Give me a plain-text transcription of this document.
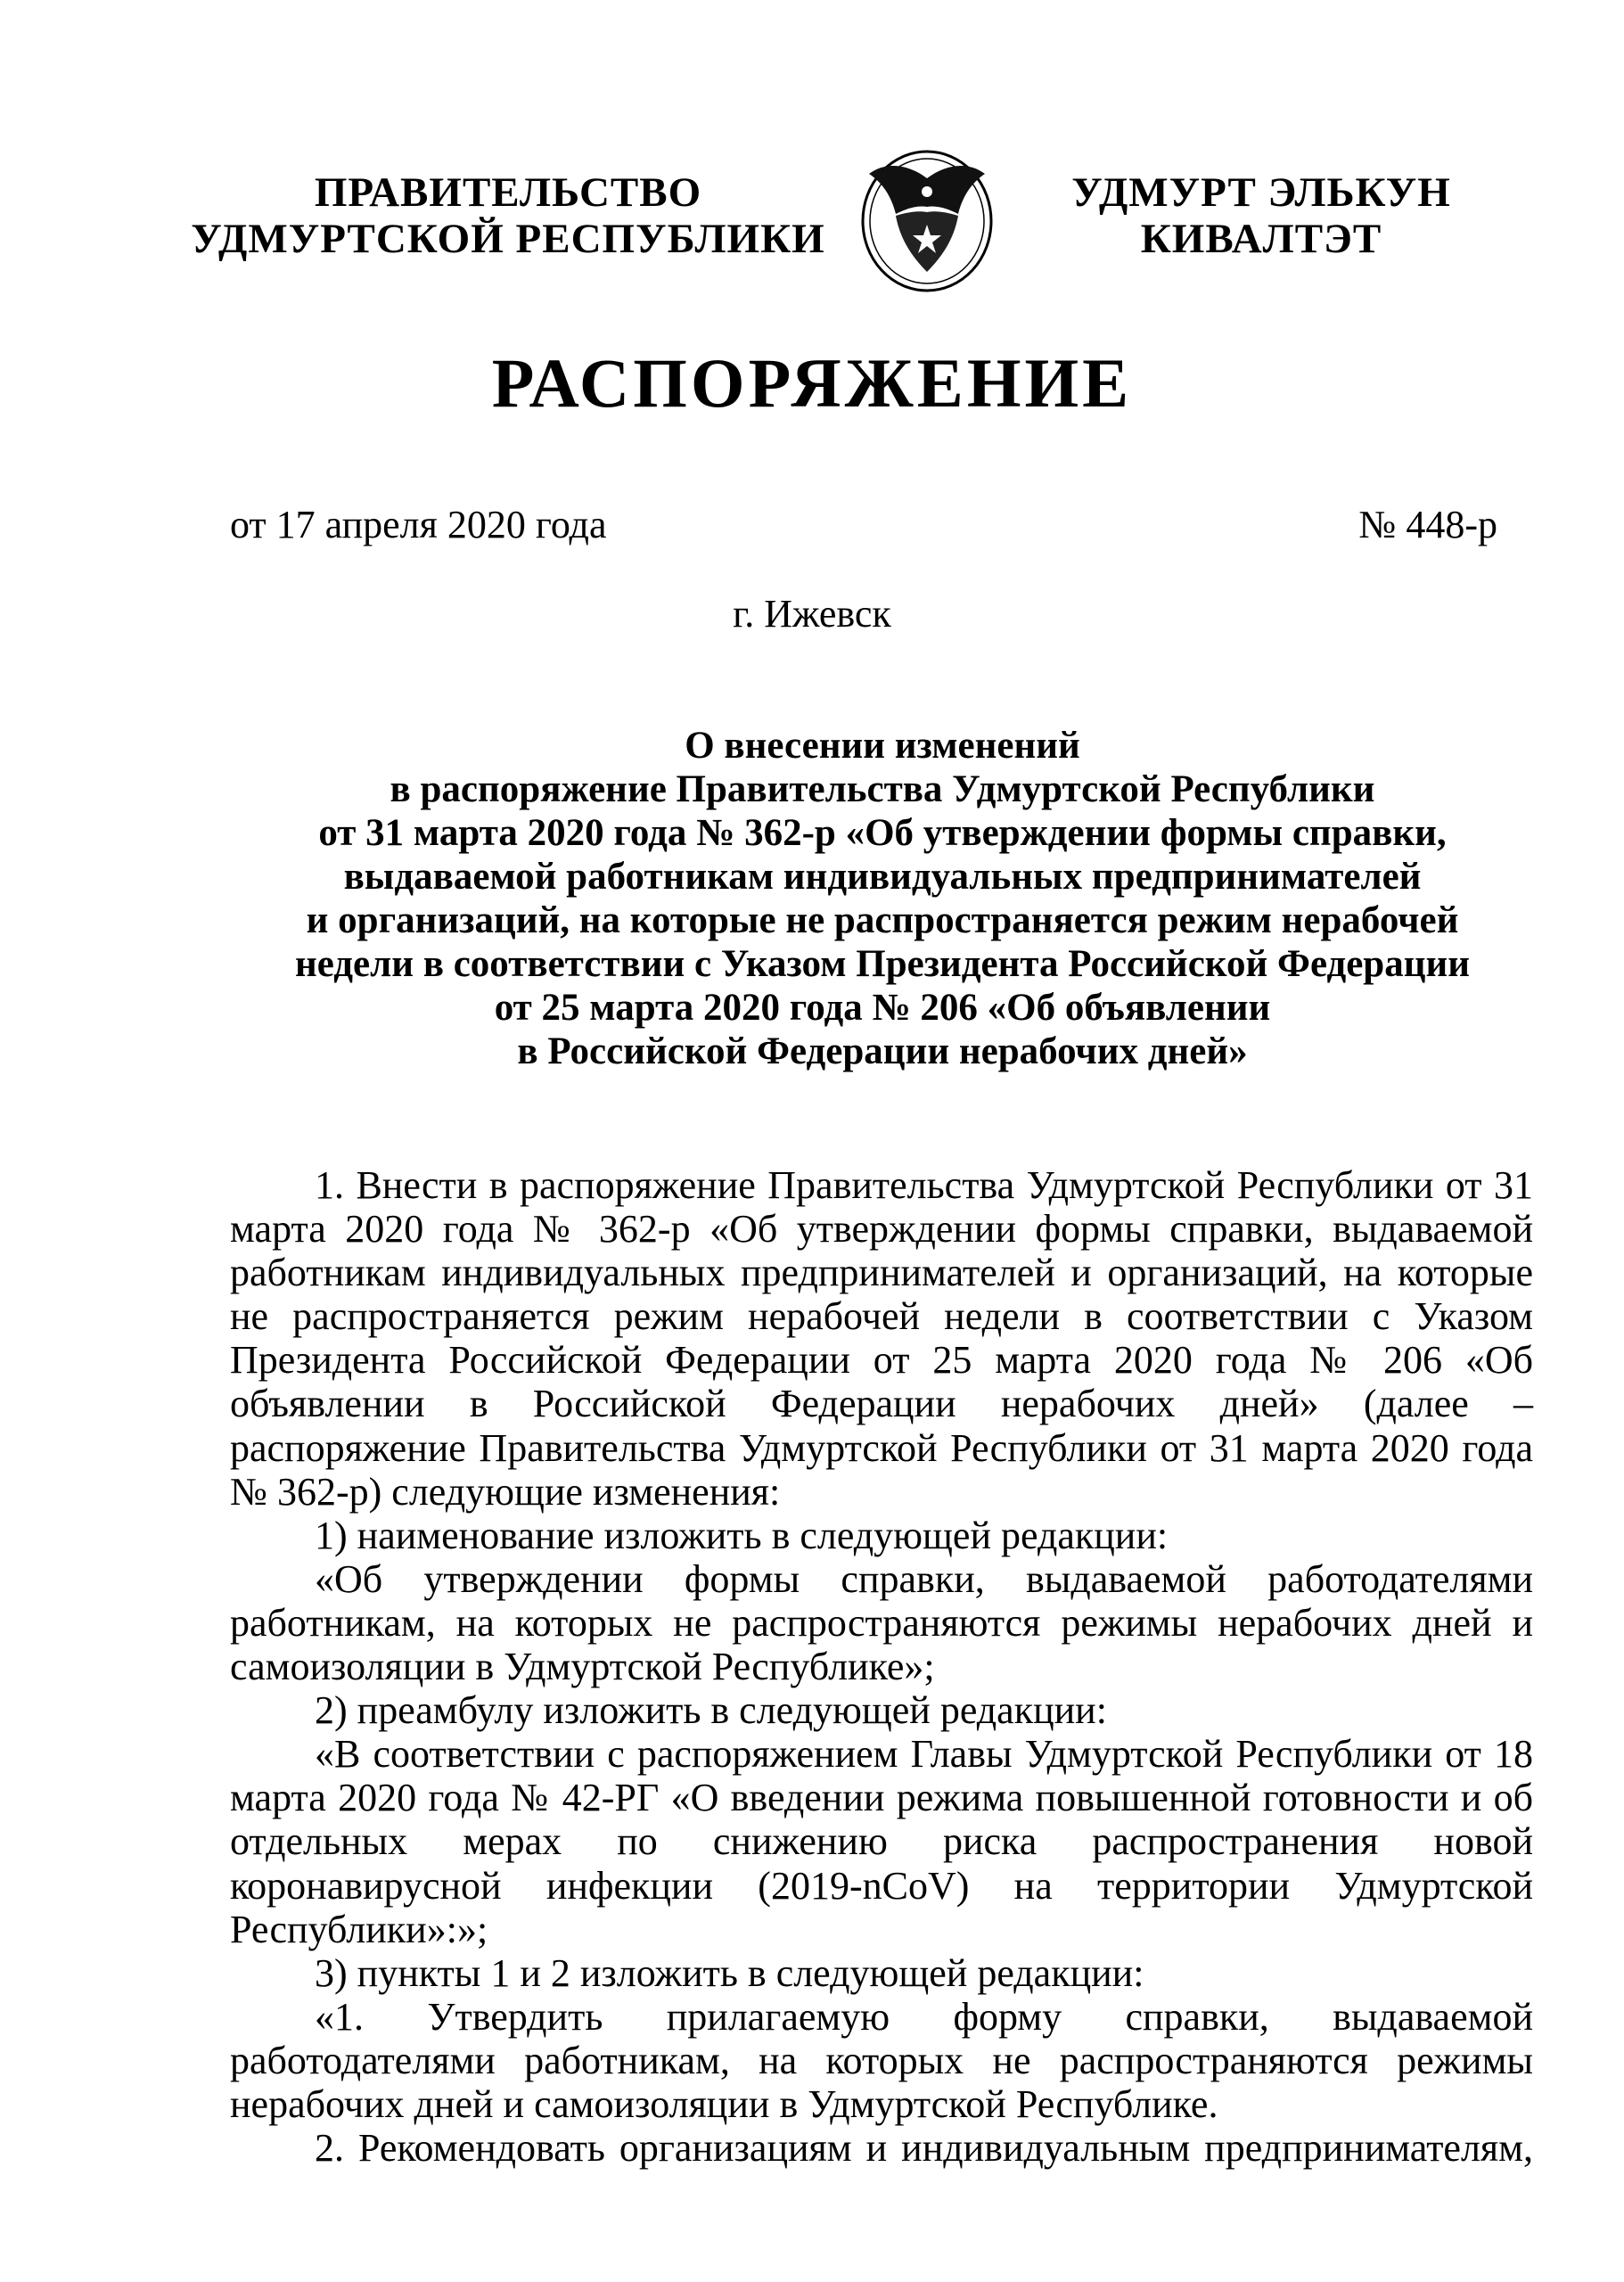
ПРАВИТЕЛЬСТВО
УДМУРТСКОЙ РЕСПУБЛИКИ
УДМУРТ ЭЛЬКУН
КИВАЛТЭТ
РАСПОРЯЖЕНИЕ
от 17 апреля 2020 года	№ 448-р
г. Ижевск
О внесении изменений
в распоряжение Правительства Удмуртской Республики
от 31 марта 2020 года № 362-р «Об утверждении формы справки,
выдаваемой работникам индивидуальных предпринимателей
и организаций, на которые не распространяется режим нерабочей
недели в соответствии с Указом Президента Российской Федерации
от 25 марта 2020 года № 206 «Об объявлении
в Российской Федерации нерабочих дней»

1. Внести в распоряжение Правительства Удмуртской Республики от 31 марта 2020 года № 362-р «Об утверждении формы справки, выдаваемой работникам индивидуальных предпринимателей и организаций, на которые не распространяется режим нерабочей недели в соответствии с Указом Президента Российской Федерации от 25 марта 2020 года № 206 «Об объявлении в Российской Федерации нерабочих дней» (далее – распоряжение Правительства Удмуртской Республики от 31 марта 2020 года № 362-р) следующие изменения:

1) наименование изложить в следующей редакции:

«Об утверждении формы справки, выдаваемой работодателями работникам, на которых не распространяются режимы нерабочих дней и самоизоляции в Удмуртской Республике»;

2) преамбулу изложить в следующей редакции:

«В соответствии с распоряжением Главы Удмуртской Республики от 18 марта 2020 года № 42-РГ «О введении режима повышенной готовности и об отдельных мерах по снижению риска распространения новой коронавирусной инфекции (2019-nCoV) на территории Удмуртской Республики»:»;

3) пункты 1 и 2 изложить в следующей редакции:

«1. Утвердить прилагаемую форму справки, выдаваемой работодателями работникам, на которых не распространяются режимы нерабочих дней и самоизоляции в Удмуртской Республике.

2. Рекомендовать организациям и индивидуальным предпринимателям,
